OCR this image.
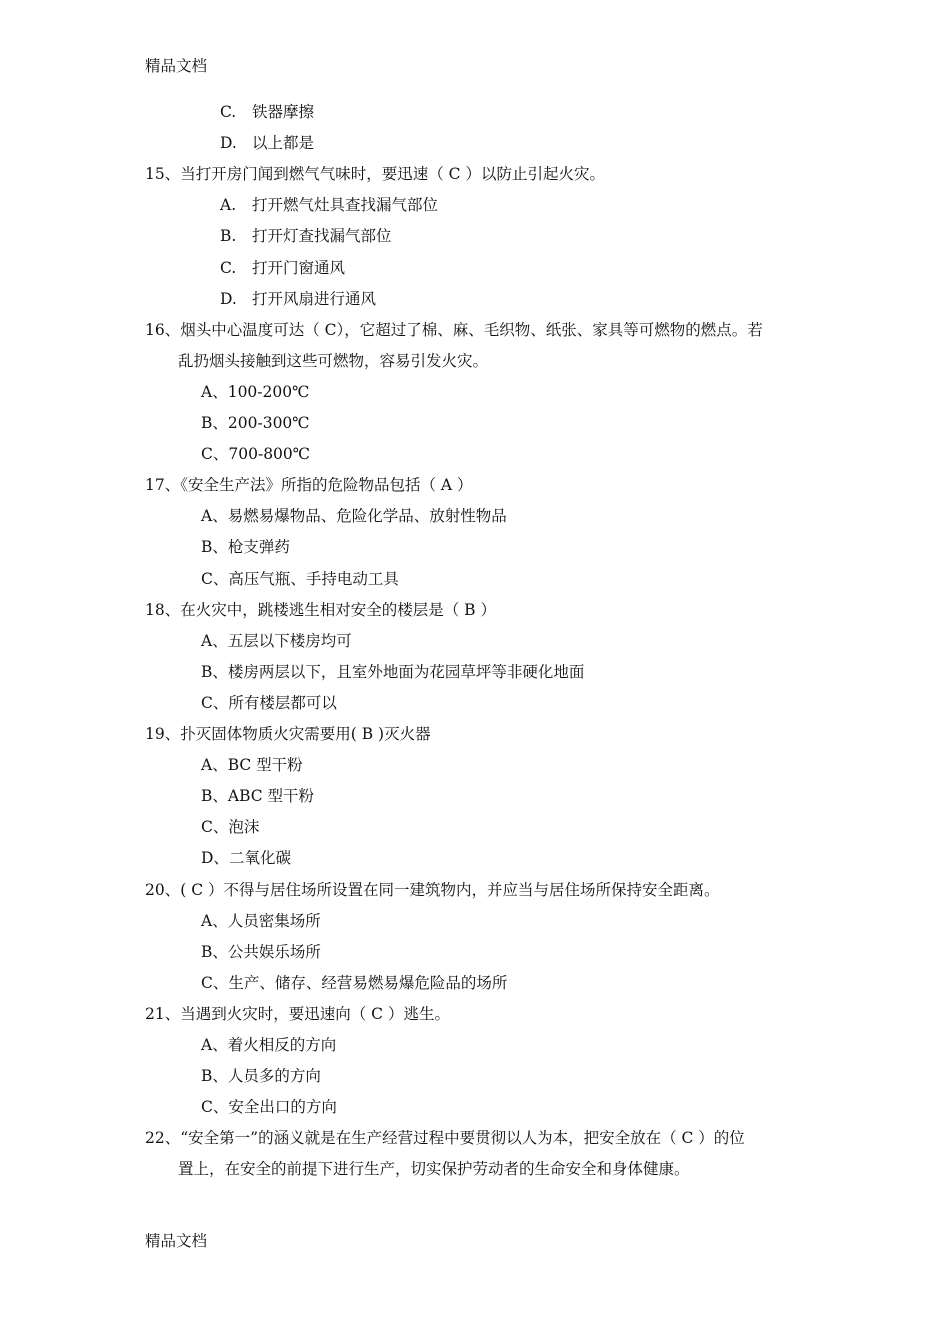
精品文档
C. 铁器摩擦
D. 以上都是
15、当打开房门闻到燃气气味时，要迅速（ C ）以防止引起火灾。
A. 打开燃气灶具查找漏气部位
B. 打开灯查找漏气部位
C. 打开门窗通风
D. 打开风扇进行通风
16、烟头中心温度可达（ C），它超过了棉、麻、毛织物、纸张、家具等可燃物的燃点。若
乱扔烟头接触到这些可燃物，容易引发火灾。
A、100-200℃
B、200-300℃
C、700-800℃
17、《安全生产法》所指的危险物品包括（ A ）
A、易燃易爆物品、危险化学品、放射性物品
B、枪支弹药
C、高压气瓶、手持电动工具
18、在火灾中，跳楼逃生相对安全的楼层是（ B ）
A、五层以下楼房均可
B、楼房两层以下，且室外地面为花园草坪等非硬化地面
C、所有楼层都可以
19、扑灭固体物质火灾需要用( B )灭火器
A、BC 型干粉
B、ABC 型干粉
C、泡沫
D、二氧化碳
20、( C ）不得与居住场所设置在同一建筑物内，并应当与居住场所保持安全距离。
A、人员密集场所
B、公共娱乐场所
C、生产、储存、经营易燃易爆危险品的场所
21、当遇到火灾时，要迅速向（ C ）逃生。
A、着火相反的方向
B、人员多的方向
C、安全出口的方向
22、“安全第一”的涵义就是在生产经营过程中要贯彻以人为本，把安全放在（ C ）的位
置上，在安全的前提下进行生产，切实保护劳动者的生命安全和身体健康。
精品文档
